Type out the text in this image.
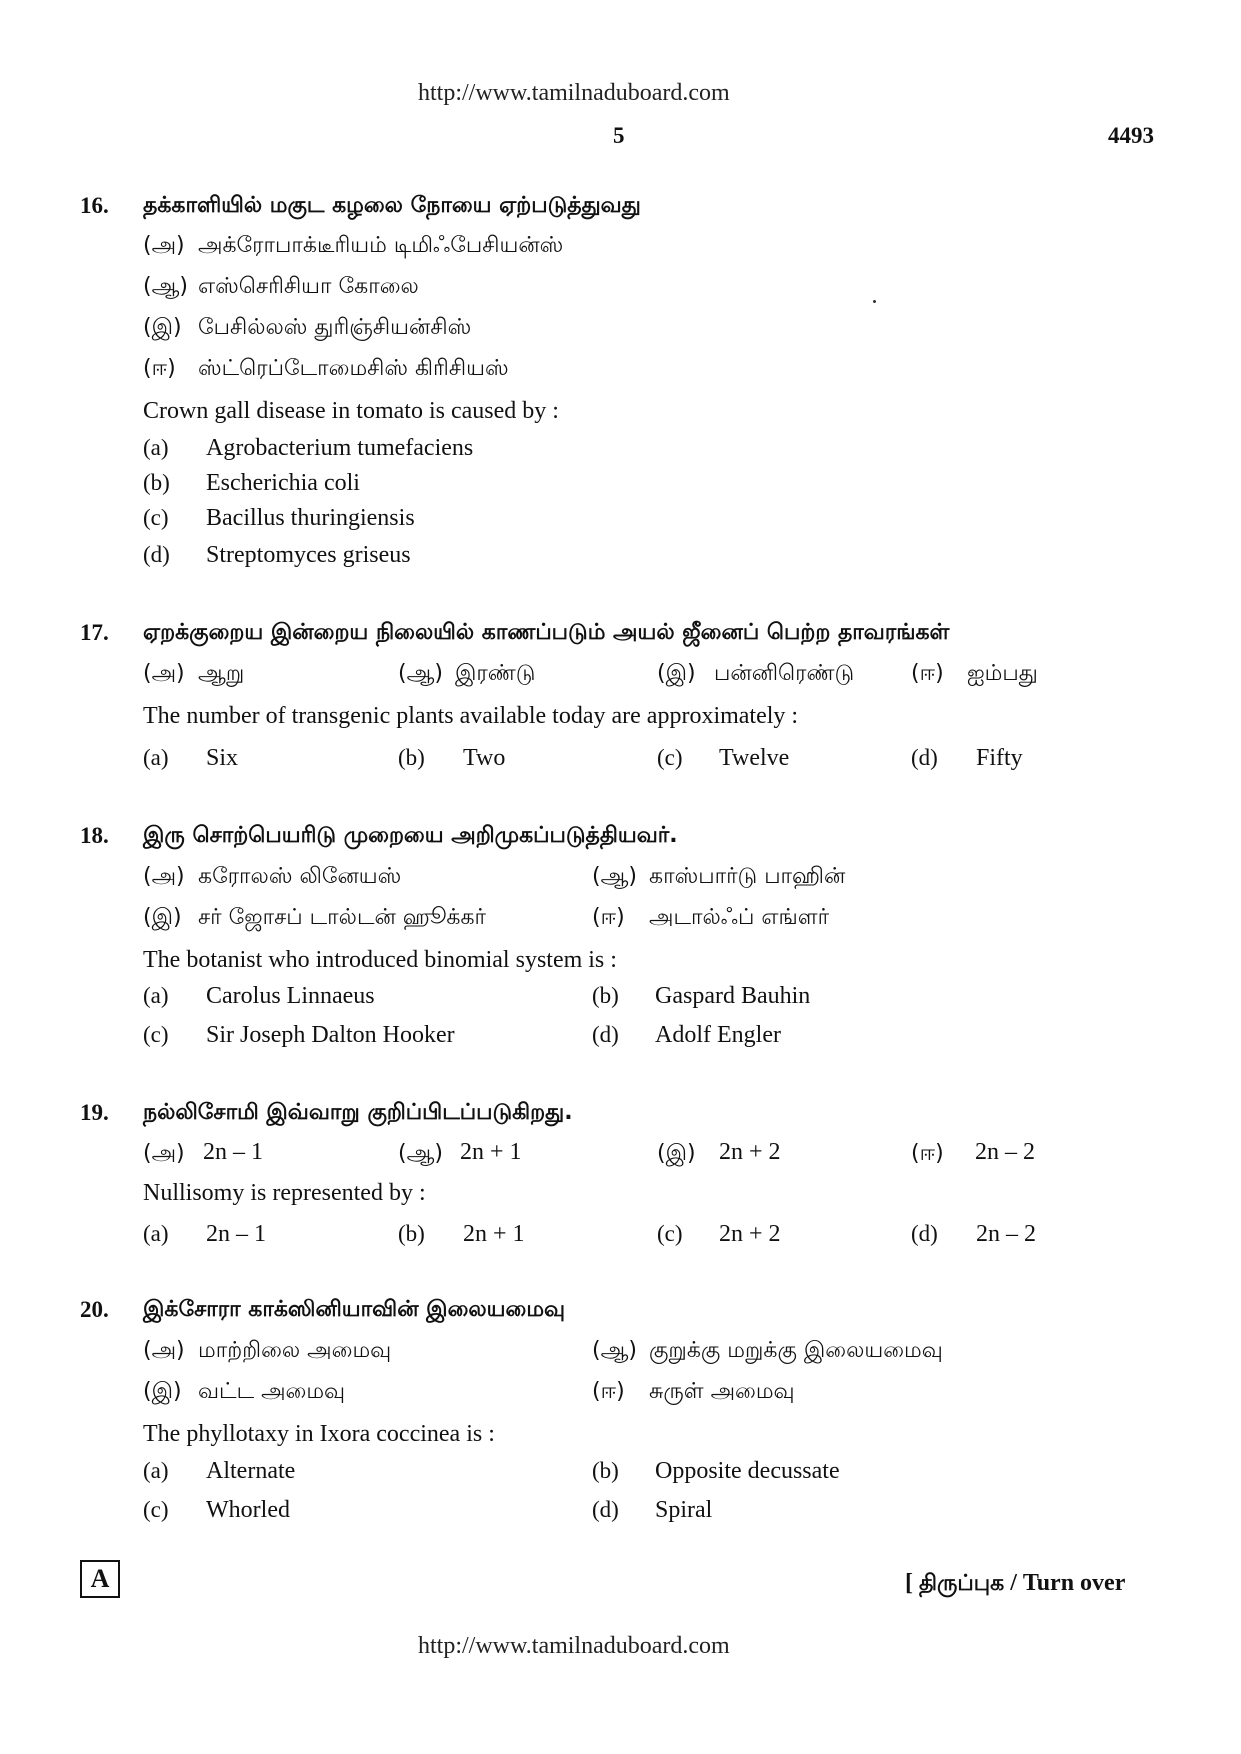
http://www.tamilnaduboard.com
5	4493
16. தக்காளியில் மகுட கழலை நோயை ஏற்படுத்துவது
(அ) அக்ரோபாக்டீரியம் டிமிஃபேசியன்ஸ்
(ஆ) எஸ்செரிசியா கோலை
(இ) பேசில்லஸ் துரிஞ்சியன்சிஸ்
(ஈ) ஸ்ட்ரெப்டோமைசிஸ் கிரிசியஸ்
Crown gall disease in tomato is caused by :
(a) Agrobacterium tumefaciens
(b) Escherichia coli
(c) Bacillus thuringiensis
(d) Streptomyces griseus
17. ஏறக்குறைய இன்றைய நிலையில் காணப்படும் அயல் ஜீனைப் பெற்ற தாவரங்கள்
(அ) ஆறு	(ஆ) இரண்டு	(இ) பன்னிரெண்டு	(ஈ) ஐம்பது
The number of transgenic plants available today are approximately :
(a) Six	(b) Two	(c) Twelve	(d) Fifty
18. இரு சொற்பெயரிடு முறையை அறிமுகப்படுத்தியவர்.
(அ) கரோலஸ் லினேயஸ்	(ஆ) காஸ்பார்டு பாஹின்
(இ) சர் ஜோசப் டால்டன் ஹூக்கர்	(ஈ) அடால்ஃப் எங்ளர்
The botanist who introduced binomial system is :
(a) Carolus Linnaeus	(b) Gaspard Bauhin
(c) Sir Joseph Dalton Hooker	(d) Adolf Engler
19. நல்லிசோமி இவ்வாறு குறிப்பிடப்படுகிறது.
(அ) 2n – 1	(ஆ) 2n + 1	(இ) 2n + 2	(ஈ) 2n – 2
Nullisomy is represented by :
(a) 2n – 1	(b) 2n + 1	(c) 2n + 2	(d) 2n – 2
20. இக்சோரா காக்ஸினியாவின் இலையமைவு
(அ) மாற்றிலை அமைவு	(ஆ) குறுக்கு மறுக்கு இலையமைவு
(இ) வட்ட அமைவு	(ஈ) சுருள் அமைவு
The phyllotaxy in Ixora coccinea is :
(a) Alternate	(b) Opposite decussate
(c) Whorled	(d) Spiral
A	[ திருப்புக / Turn over
http://www.tamilnaduboard.com
